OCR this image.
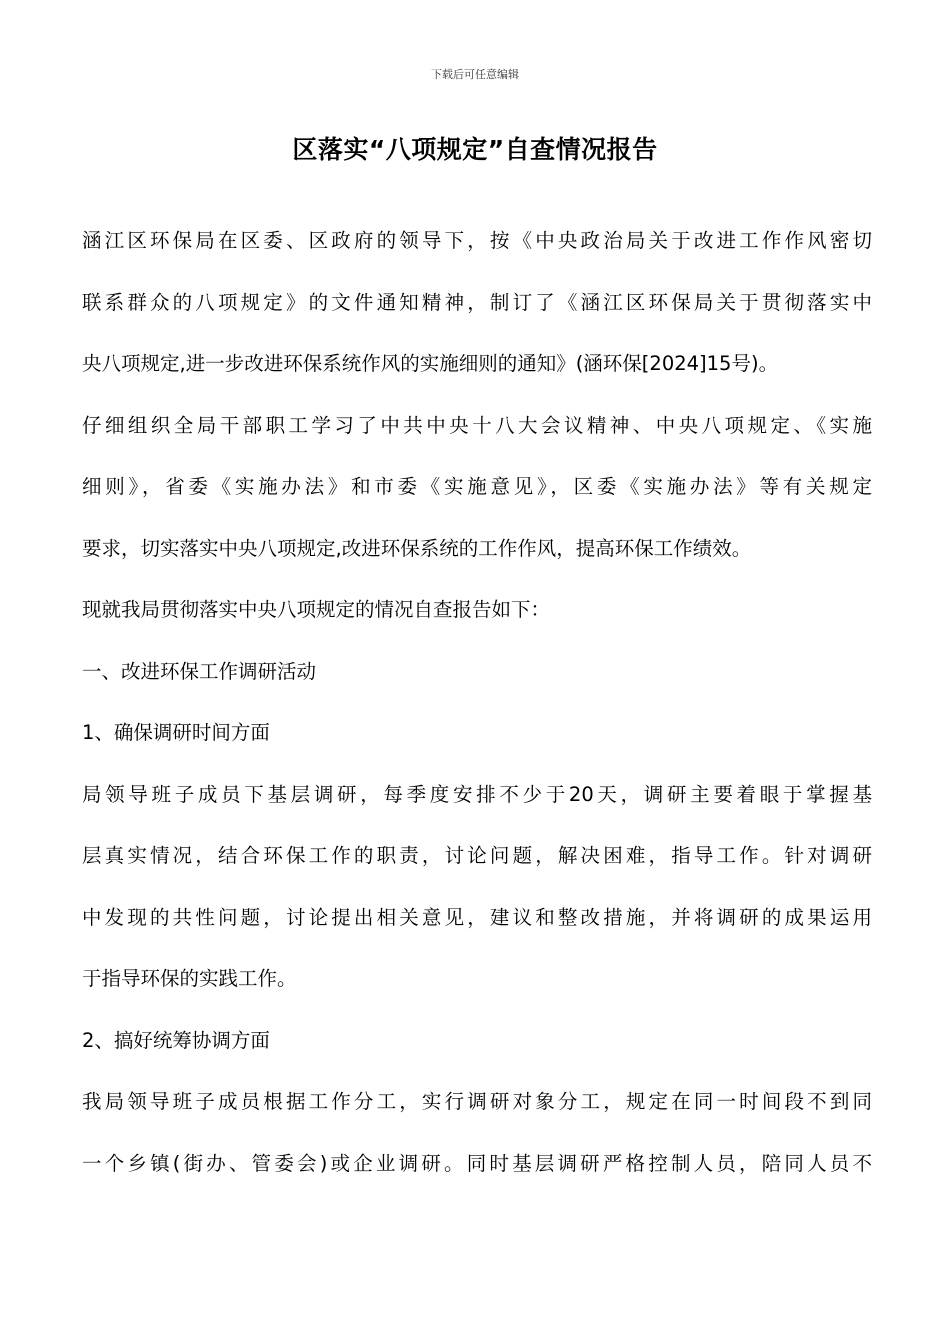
下载后可任意编辑
区落实“八项规定”自查情况报告
涵江区环保局在区委、区政府的领导下，按《中央政治局关于改进工作作风密切
联系群众的八项规定》的文件通知精神，制订了《涵江区环保局关于贯彻落实中
央八项规定,进一步改进环保系统作风的实施细则的通知》(涵环保[2024]15号)。
仔细组织全局干部职工学习了中共中央十八大会议精神、中央八项规定、《实施
细则》，省委《实施办法》和市委《实施意见》，区委《实施办法》等有关规定
要求，切实落实中央八项规定,改进环保系统的工作作风，提高环保工作绩效。
现就我局贯彻落实中央八项规定的情况自查报告如下：
一、改进环保工作调研活动
1、确保调研时间方面
局领导班子成员下基层调研，每季度安排不少于20天，调研主要着眼于掌握基
层真实情况，结合环保工作的职责，讨论问题，解决困难，指导工作。针对调研
中发现的共性问题，讨论提出相关意见，建议和整改措施，并将调研的成果运用
于指导环保的实践工作。
2、搞好统筹协调方面
我局领导班子成员根据工作分工，实行调研对象分工，规定在同一时间段不到同
一个乡镇(街办、管委会)或企业调研。同时基层调研严格控制人员，陪同人员不
